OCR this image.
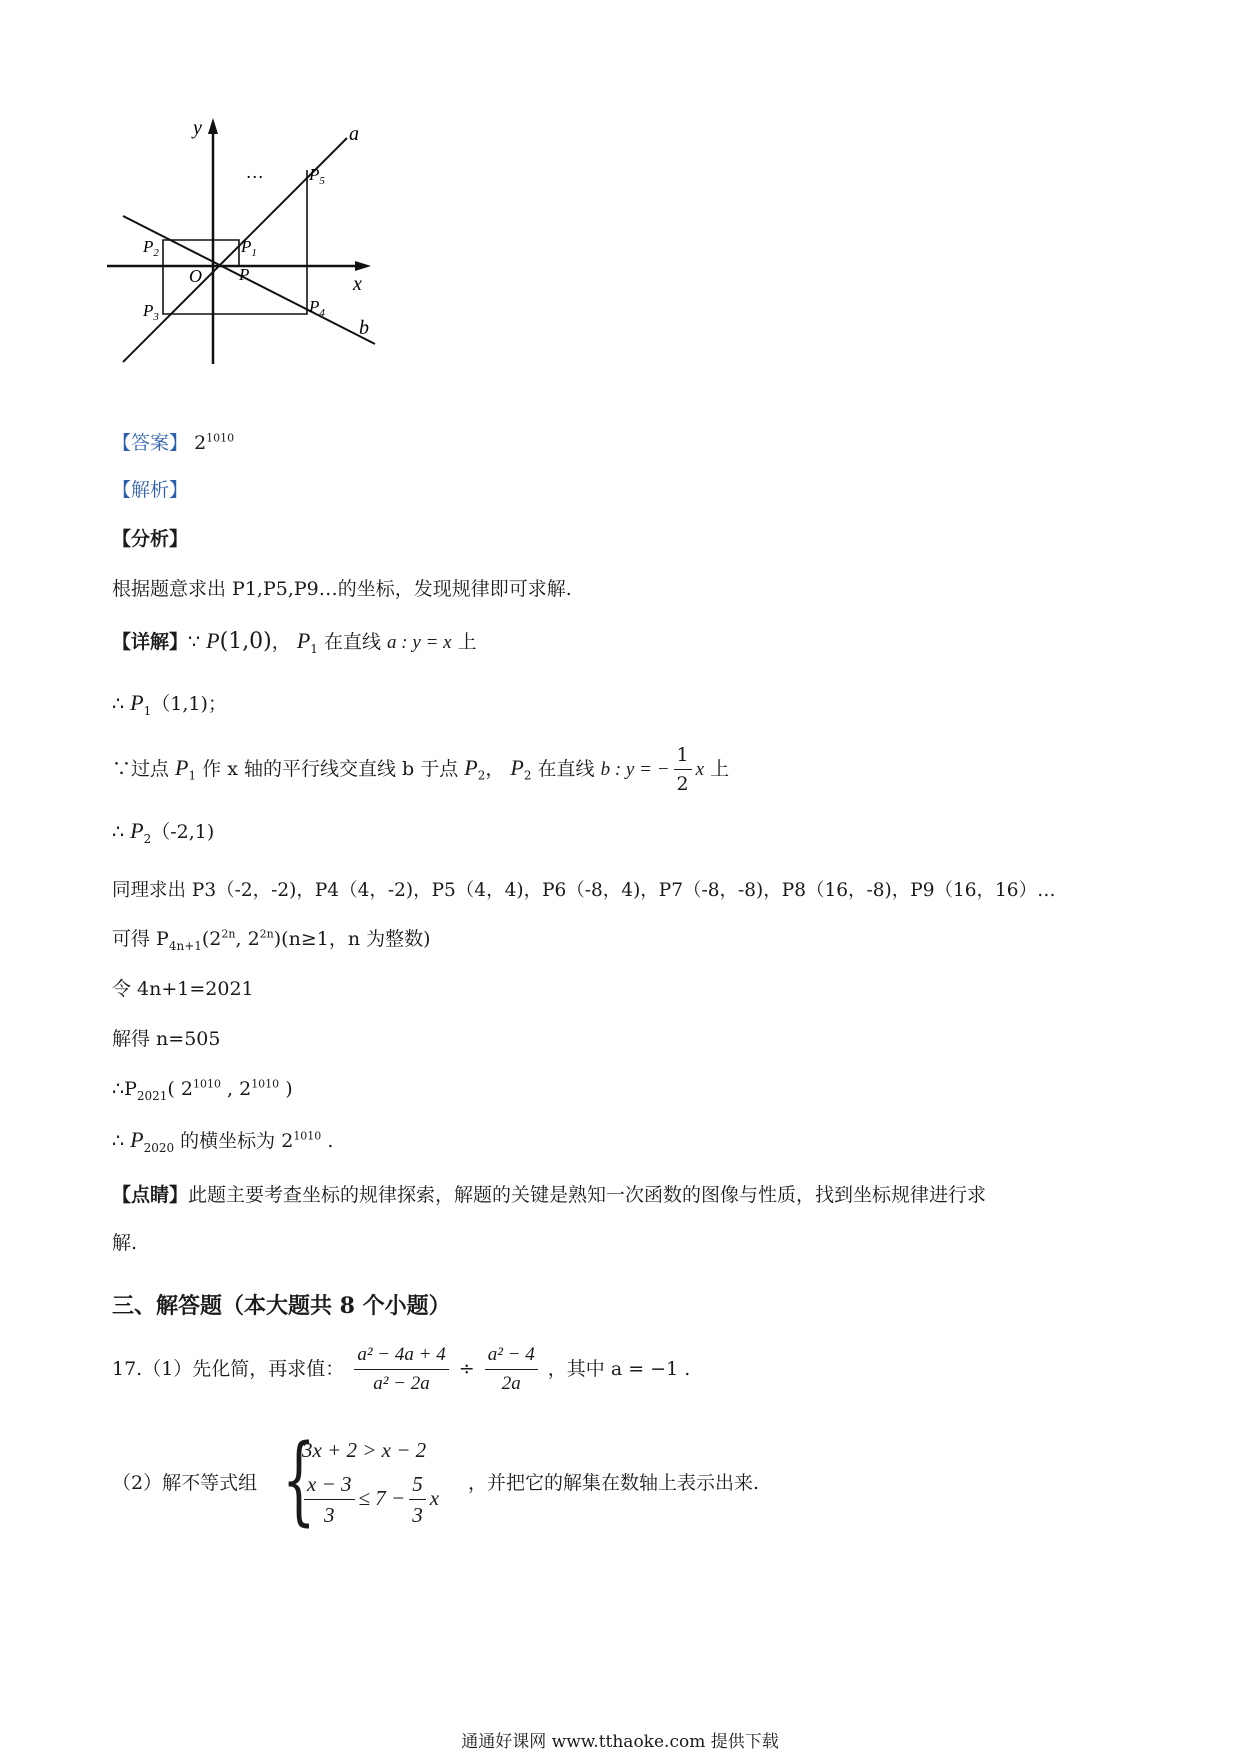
y
x
a
b
O
…
P
$P_1$
$P_2$
$P_3$
$P_4$
$P_5$
【答案】 $2^{1010}$
【解析】
【分析】
根据题意求出 P1,P5,P9…的坐标，发现规律即可求解.
【详解】∵ P(1,0)， $P_1$ 在直线 a : y = x 上
∴ $P_1(1,1)$；
∵过点 $P_1$ 作 x 轴的平行线交直线 b 于点 $P_2$， $P_2$ 在直线 b : y = − $\frac{1}{2}$ x 上
∴ $P_2(-2,1)$
同理求出 P3（-2，-2)，P4（4，-2)，P5（4，4)，P6（-8，4)，P7（-8，-8)，P8（16，-8)，P9（16，16）…
可得 $P_{4n+1}(2^{2n}$, $2^{2n})(n\ge 1$，n 为整数)
令 4n+1=2021
解得 n=505
$\therefore P_{2021}$( $2^{1010}$ , $2^{1010}$ )
∴ $P_{2020}$ 的横坐标为 $2^{1010}$ .
【点睛】此题主要考查坐标的规律探索，解题的关键是熟知一次函数的图像与性质，找到坐标规律进行求
解.
三、解答题（本大题共 8 个小题）
17.（1）先化简，再求值： $\frac{\text{a² − 4a + 4}}{\text{a² − 2a}} \div \frac{\text{a² − 4}}{2a}$ ，其中 a = −1 .
（2）解不等式组 {
3x + 2 > x − 2
$\frac{x - 3}{3} \le 7 - \frac{5}{3}$ x
，并把它的解集在数轴上表示出来.
通通好课网 www.tthaoke.com 提供下载
